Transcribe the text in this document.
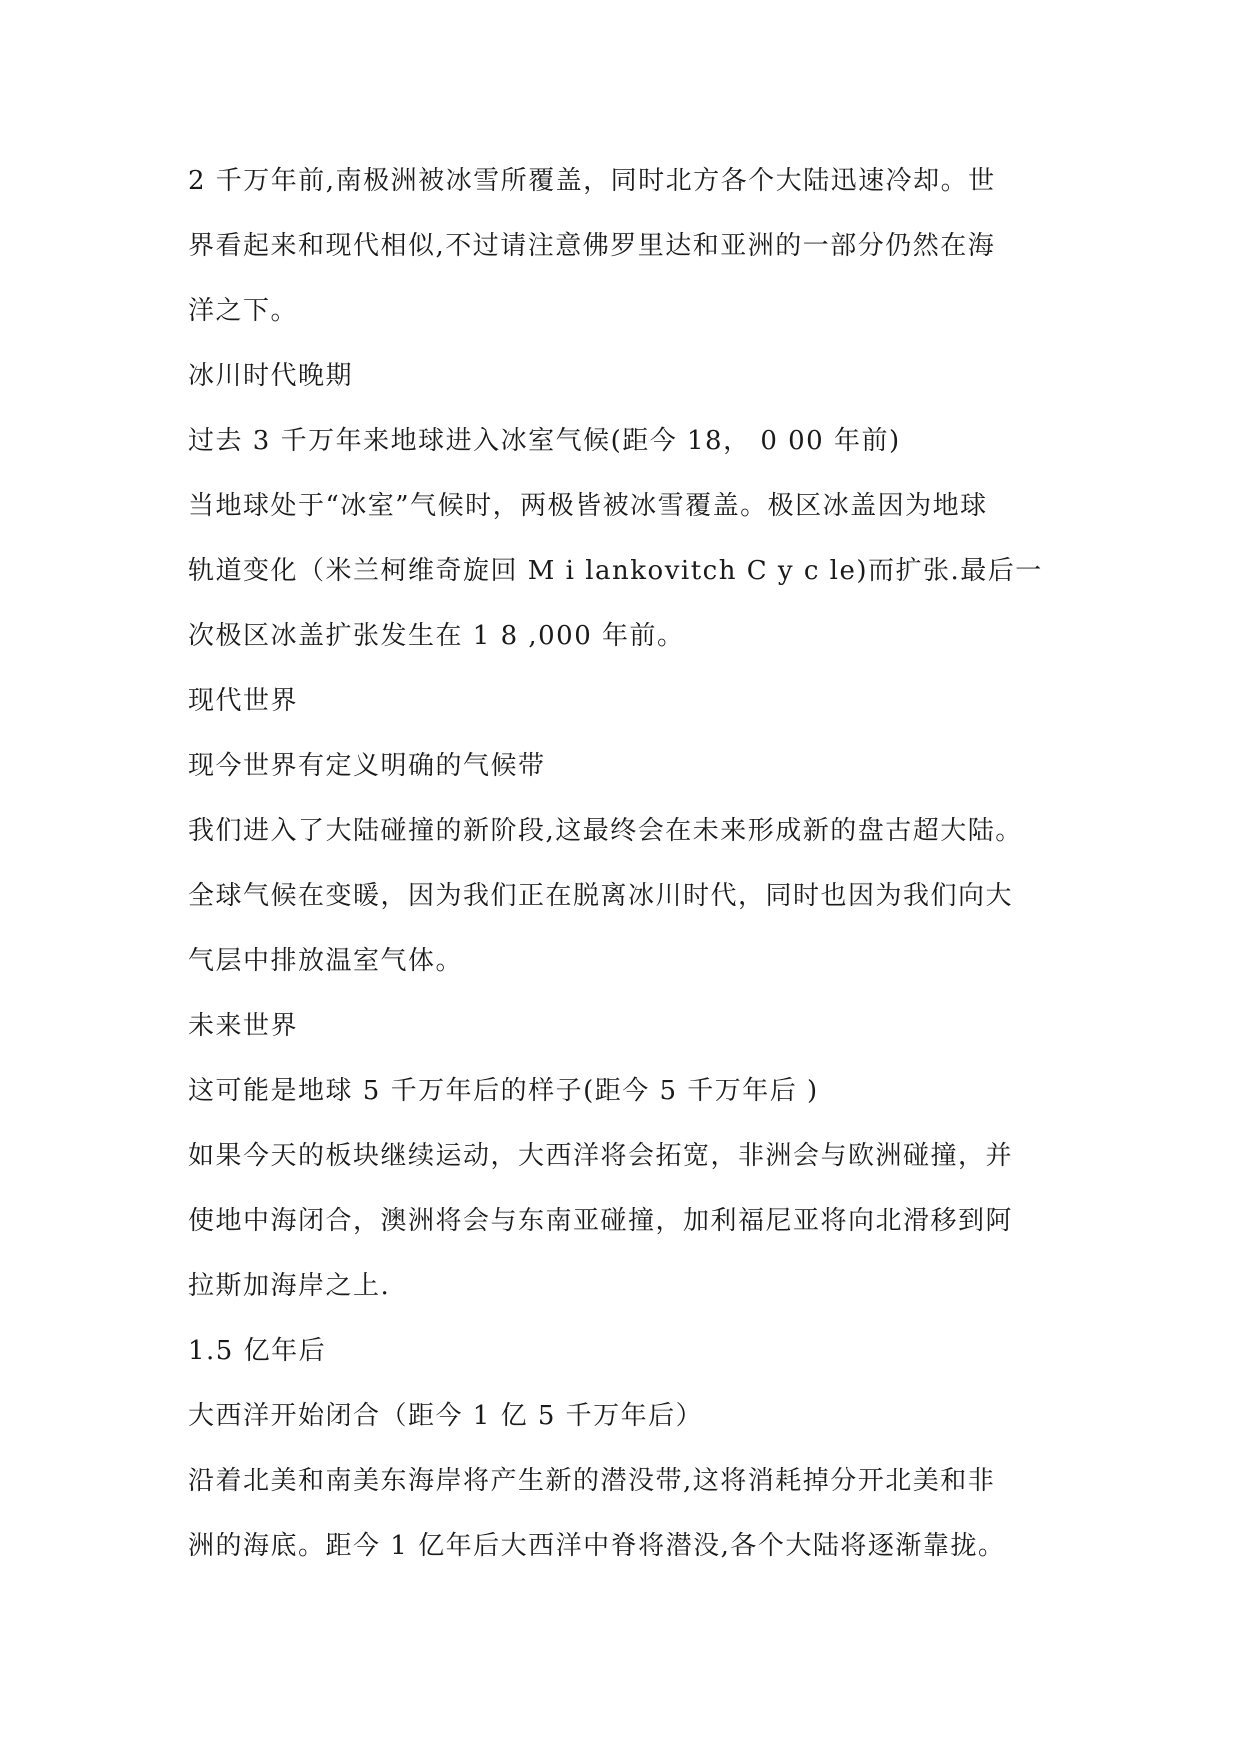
2 千万年前,南极洲被冰雪所覆盖，同时北方各个大陆迅速冷却。世
界看起来和现代相似,不过请注意佛罗里达和亚洲的一部分仍然在海
洋之下。
冰川时代晚期
过去 3 千万年来地球进入冰室气候(距今 18， 0 00 年前)
当地球处于“冰室”气候时，两极皆被冰雪覆盖。极区冰盖因为地球
轨道变化（米兰柯维奇旋回 M i lankovitch C y c le)而扩张.最后一
次极区冰盖扩张发生在 1 8 ,000 年前。
现代世界
现今世界有定义明确的气候带
我们进入了大陆碰撞的新阶段,这最终会在未来形成新的盘古超大陆。
全球气候在变暖，因为我们正在脱离冰川时代，同时也因为我们向大
气层中排放温室气体。
未来世界
这可能是地球 5 千万年后的样子(距今 5 千万年后 )
如果今天的板块继续运动，大西洋将会拓宽，非洲会与欧洲碰撞，并
使地中海闭合，澳洲将会与东南亚碰撞，加利福尼亚将向北滑移到阿
拉斯加海岸之上.
1.5 亿年后
大西洋开始闭合（距今 1 亿 5 千万年后）
沿着北美和南美东海岸将产生新的潜没带,这将消耗掉分开北美和非
洲的海底。距今 1 亿年后大西洋中脊将潜没,各个大陆将逐渐靠拢。
